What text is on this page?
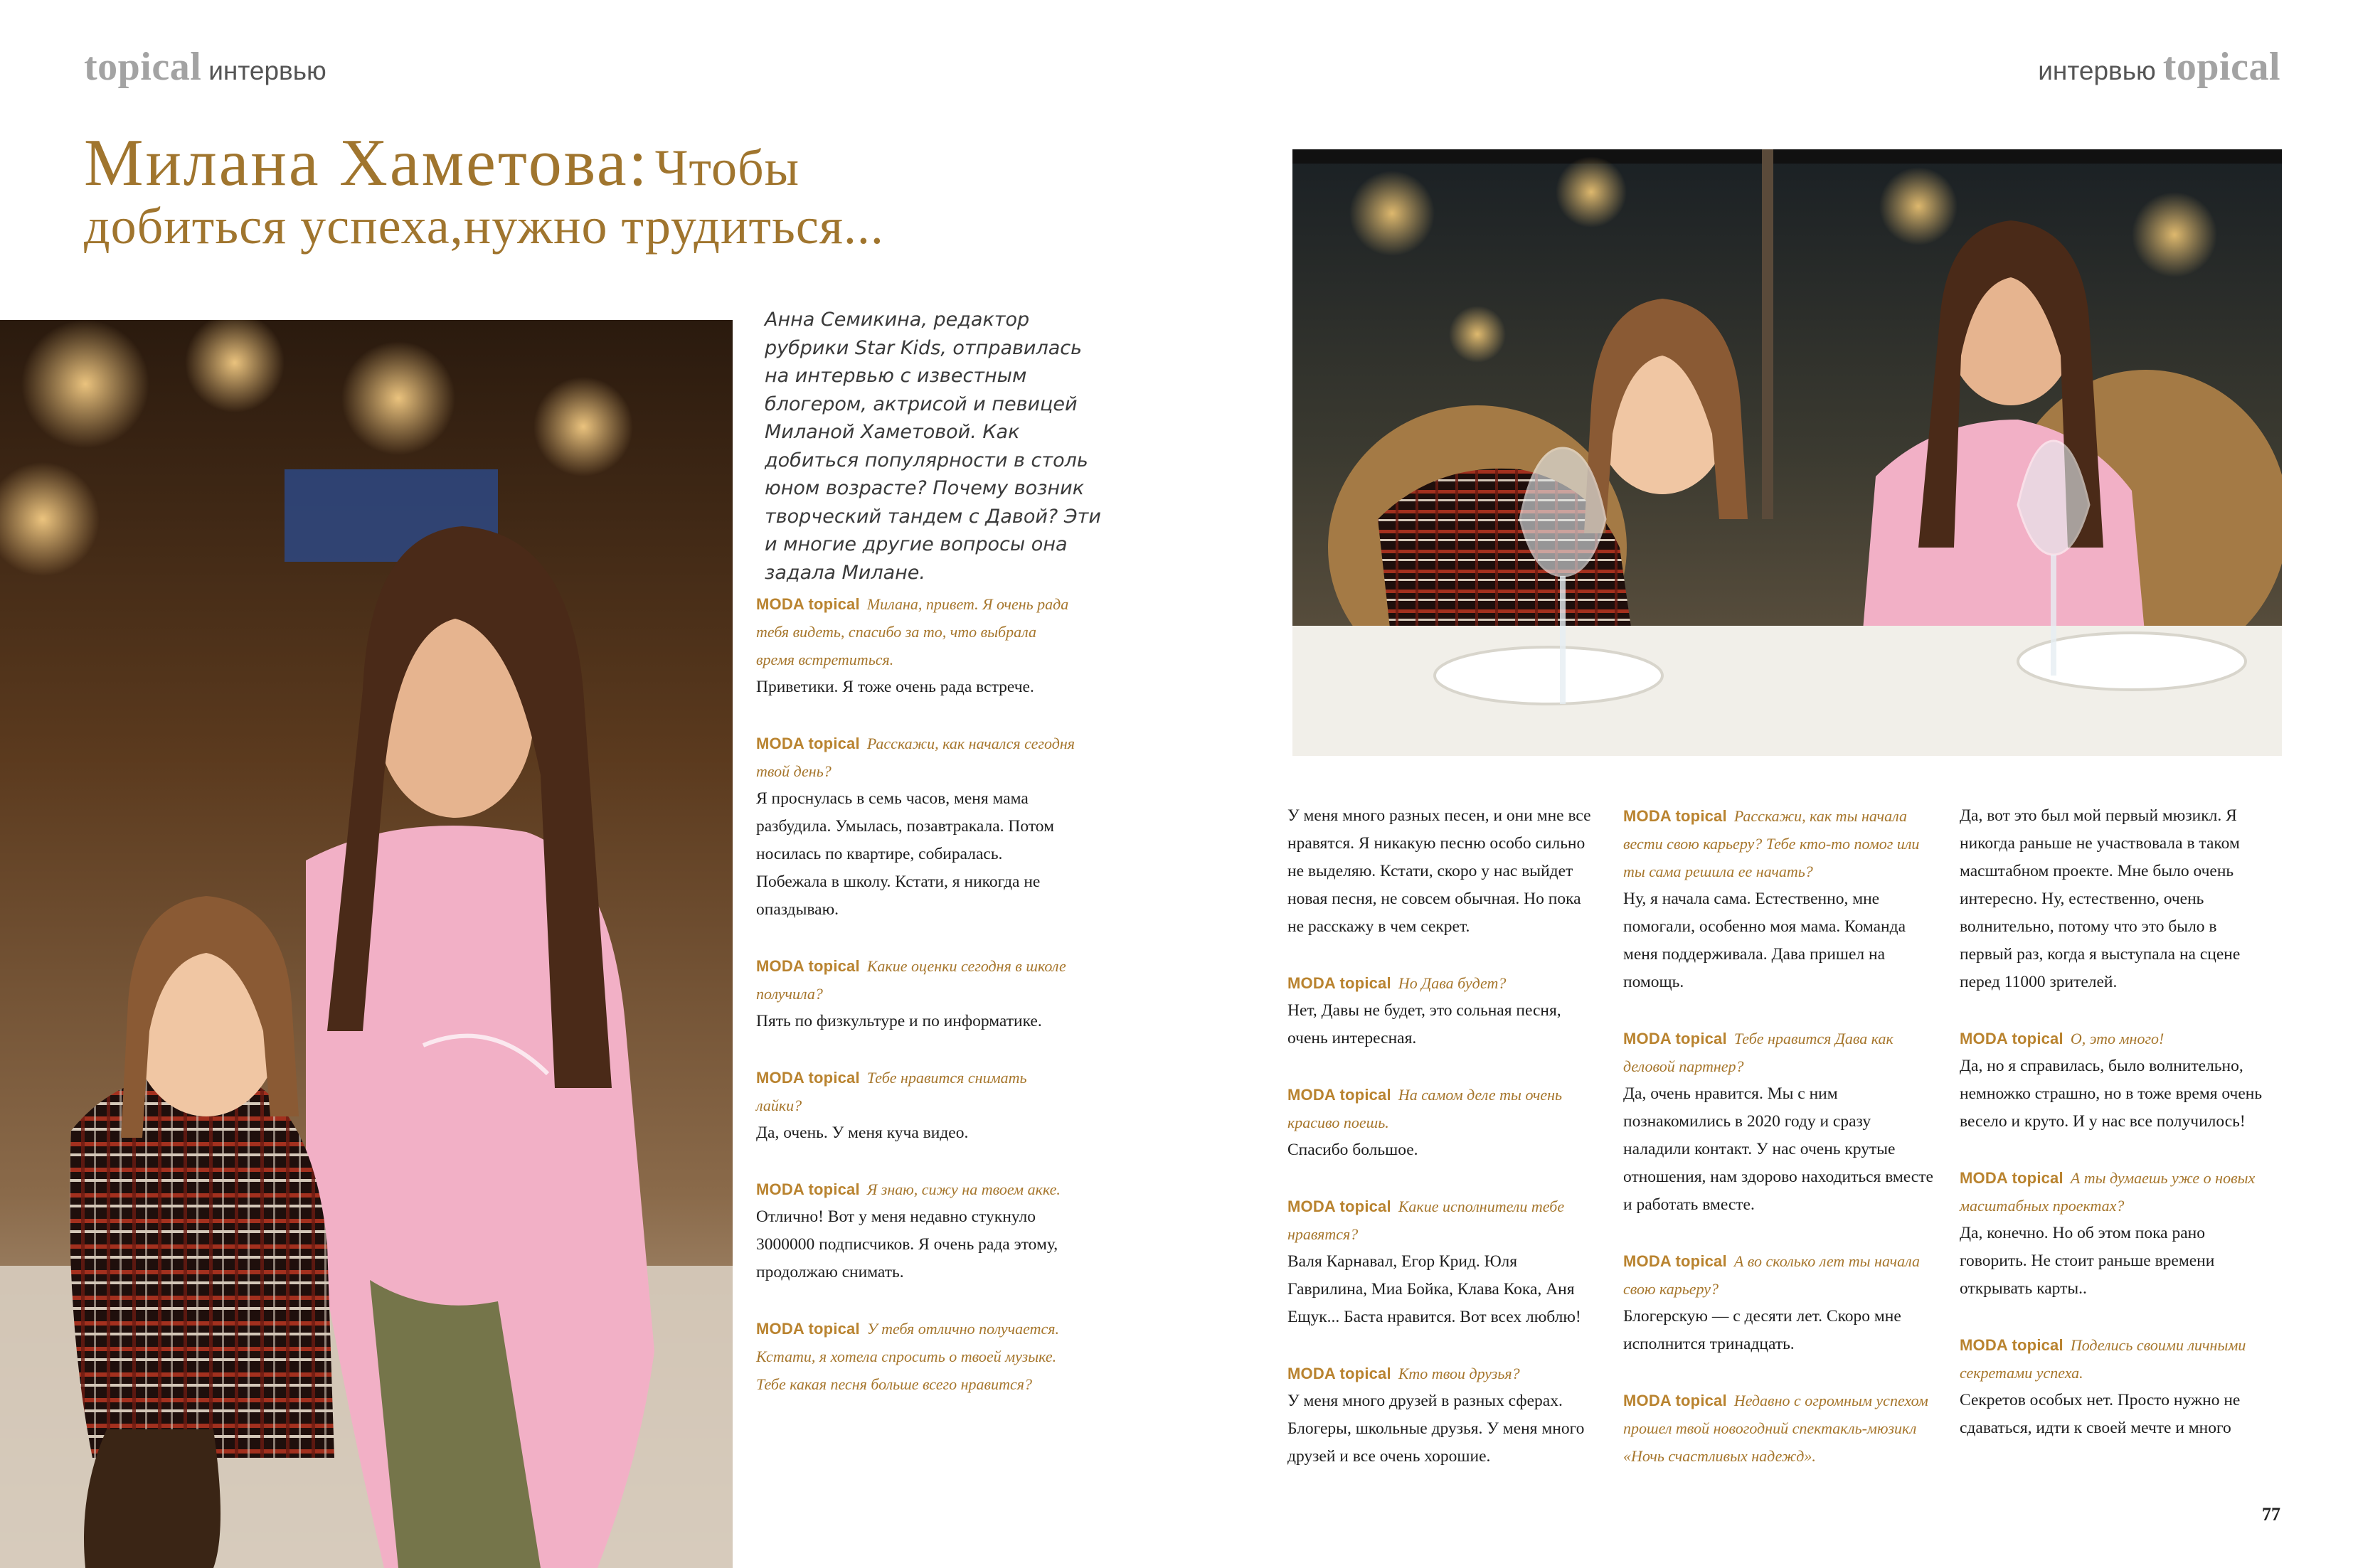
topical интервью	интервью topical
Милана Хаметова: Чтобы
добиться успеха,нужно трудиться...

Анна Семикина, редактор рубрики Star Kids, отправилась на интервью с известным блогером, актрисой и певицей Миланой Хаметовой. Как добиться популярности в столь юном возрасте? Почему возник творческий тандем с Давой? Эти и многие другие вопросы она задала Милане.

MODA topical Милана, привет. Я очень рада тебя видеть, спасибо за то, что выбрала время встретиться.
Приветики. Я тоже очень рада встрече.
MODA topical Расскажи, как начался сегодня твой день?
Я проснулась в семь часов, меня мама разбудила. Умылась, позавтракала. Потом носилась по квартире, собиралась. Побежала в школу. Кстати, я никогда не опаздываю.
MODA topical Какие оценки сегодня в школе получила?
Пять по физкультуре и по информатике.
MODA topical Тебе нравится снимать лайки?
Да, очень. У меня куча видео.
MODA topical Я знаю, сижу на твоем акке.
Отлично! Вот у меня недавно стукнуло 3000000 подписчиков. Я очень рада этому, продолжаю снимать.
MODA topical У тебя отлично получается. Кстати, я хотела спросить о твоей музыке. Тебе какая песня больше всего нравится?
У меня много разных песен, и они мне все нравятся. Я никакую песню особо сильно не выделяю. Кстати, скоро у нас выйдет новая песня, не совсем обычная. Но пока не расскажу в чем секрет.
MODA topical Но Дава будет?
Нет, Давы не будет, это сольная песня, очень интересная.
MODA topical На самом деле ты очень красиво поешь.
Спасибо большое.
MODA topical Какие исполнители тебе нравятся?
Валя Карнавал, Егор Крид. Юля Гаврилина, Миа Бойка, Клава Кока, Аня Ещук... Баста нравится. Вот всех люблю!
MODA topical Кто твои друзья?
У меня много друзей в разных сферах. Блогеры, школьные друзья. У меня много друзей и все очень хорошие.
MODA topical Расскажи, как ты начала вести свою карьеру? Тебе кто-то помог или ты сама решила ее начать?
Ну, я начала сама. Естественно, мне помогали, особенно моя мама. Команда меня поддерживала. Дава пришел на помощь.
MODA topical Тебе нравится Дава как деловой партнер?
Да, очень нравится. Мы с ним познакомились в 2020 году и сразу наладили контакт. У нас очень крутые отношения, нам здорово находиться вместе и работать вместе.
MODA topical А во сколько лет ты начала свою карьеру?
Блогерскую — с десяти лет. Скоро мне исполнится тринадцать.
MODA topical Недавно с огромным успехом прошел твой новогодний спектакль-мюзикл «Ночь счастливых надежд».
Да, вот это был мой первый мюзикл. Я никогда раньше не участвовала в таком масштабном проекте. Мне было очень интересно. Ну, естественно, очень волнительно, потому что это было в первый раз, когда я выступала на сцене перед 11000 зрителей.
MODA topical О, это много!
Да, но я справилась, было волнительно, немножко страшно, но в тоже время очень весело и круто. И у нас все получилось!
MODA topical А ты думаешь уже о новых масштабных проектах?
Да, конечно. Но об этом пока рано говорить. Не стоит раньше времени открывать карты..
MODA topical Поделись своими личными секретами успеха.
Секретов особых нет. Просто нужно не сдаваться, идти к своей мечте и много
77
